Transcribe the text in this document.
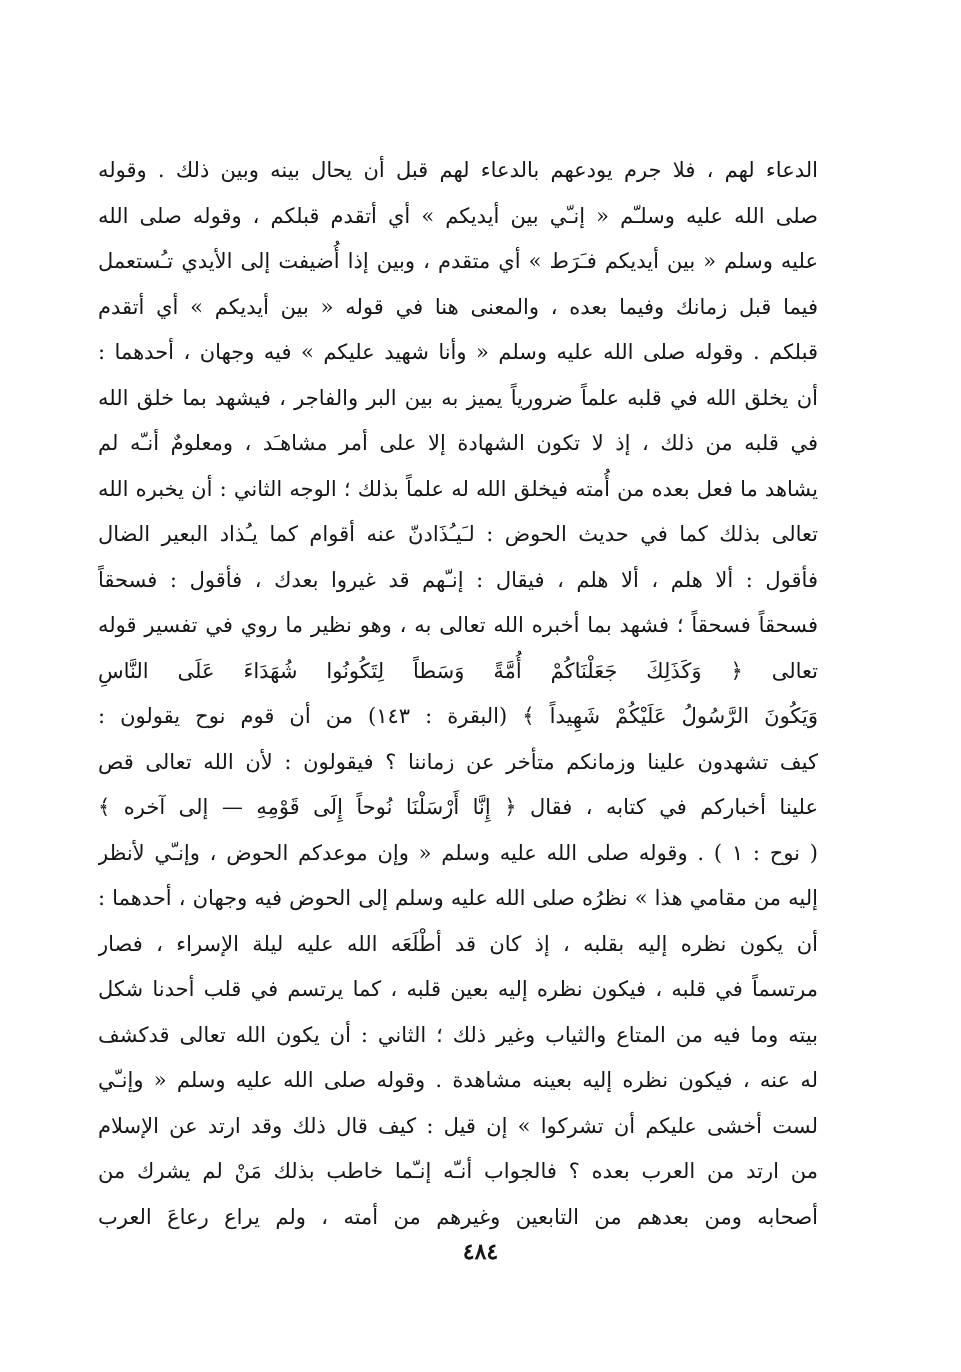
الدعاء لهم ، فلا جرم يودعهم بالدعاء لهم قبل أن يحال بينه وبين ذلك . وقوله
صلى الله عليه وسلـّم « إنـّي بين أيديكم » أي أتقدم قبلكم ، وقوله صلى الله
عليه وسلم « بين أيديكم فـَرَط » أي متقدم ، وبين إذا أُضيفت إلى الأيدي تـُستعمل
فيما قبل زمانك وفيما بعده ، والمعنى هنا في قوله « بين أيديكم » أي أتقدم
قبلكم . وقوله صلى الله عليه وسلم « وأنا شهيد عليكم » فيه وجهان ، أحدهما :
أن يخلق الله في قلبه علماً ضرورياً يميز به بين البر والفاجر ، فيشهد بما خلق الله
في قلبه من ذلك ، إذ لا تكون الشهادة إلا على أمر مشاهـَد ، ومعلومٌ أنـّه لم
يشاهد ما فعل بعده من أُمته فيخلق الله له علماً بذلك ؛ الوجه الثاني : أن يخبره الله
تعالى بذلك كما في حديث الحوض : لـَيـُذَادنّ عنه أقوام كما يـُذاد البعير الضال
فأقول : ألا هلم ، ألا هلم ، فيقال : إنـّهم قد غيروا بعدك ، فأقول : فسحقاً
فسحقاً فسحقاً ؛ فشهد بما أخبره الله تعالى به ، وهو نظير ما روي في تفسير قوله
تعالى ﴿ وَكَذَلِكَ جَعَلْنَاكُمْ أُمَّةً وَسَطاً لِتَكُونُوا شُهَدَاءَ عَلَى النَّاسِ
وَيَكُونَ الرَّسُولُ عَلَيْكُمْ شَهِيداً ﴾ (البقرة : ١٤٣) من أن قوم نوح يقولون :
كيف تشهدون علينا وزمانكم متأخر عن زماننا ؟ فيقولون : لأن الله تعالى قص
علينا أخباركم في كتابه ، فقال ﴿ إِنَّا أَرْسَلْنَا نُوحاً إِلَى قَوْمِهِ — إلى آخره ﴾
( نوح : ١ ) . وقوله صلى الله عليه وسلم « وإن موعدكم الحوض ، وإنـّي لأنظر
إليه من مقامي هذا » نظرُه صلى الله عليه وسلم إلى الحوض فيه وجهان ، أحدهما :
أن يكون نظره إليه بقلبه ، إذ كان قد أطْلَعَه الله عليه ليلة الإسراء ، فصار
مرتسماً في قلبه ، فيكون نظره إليه بعين قلبه ، كما يرتسم في قلب أحدنا شكل
بيته وما فيه من المتاع والثياب وغير ذلك ؛ الثاني : أن يكون الله تعالى قدكشف
له عنه ، فيكون نظره إليه بعينه مشاهدة . وقوله صلى الله عليه وسلم « وإنـّي
لست أخشى عليكم أن تشركوا » إن قيل : كيف قال ذلك وقد ارتد عن الإسلام
من ارتد من العرب بعده ؟ فالجواب أنـّه إنـّما خاطب بذلك مَنْ لم يشرك من
أصحابه ومن بعدهم من التابعين وغيرهم من أمته ، ولم يراع رعاعَ العرب
٤٨٤
